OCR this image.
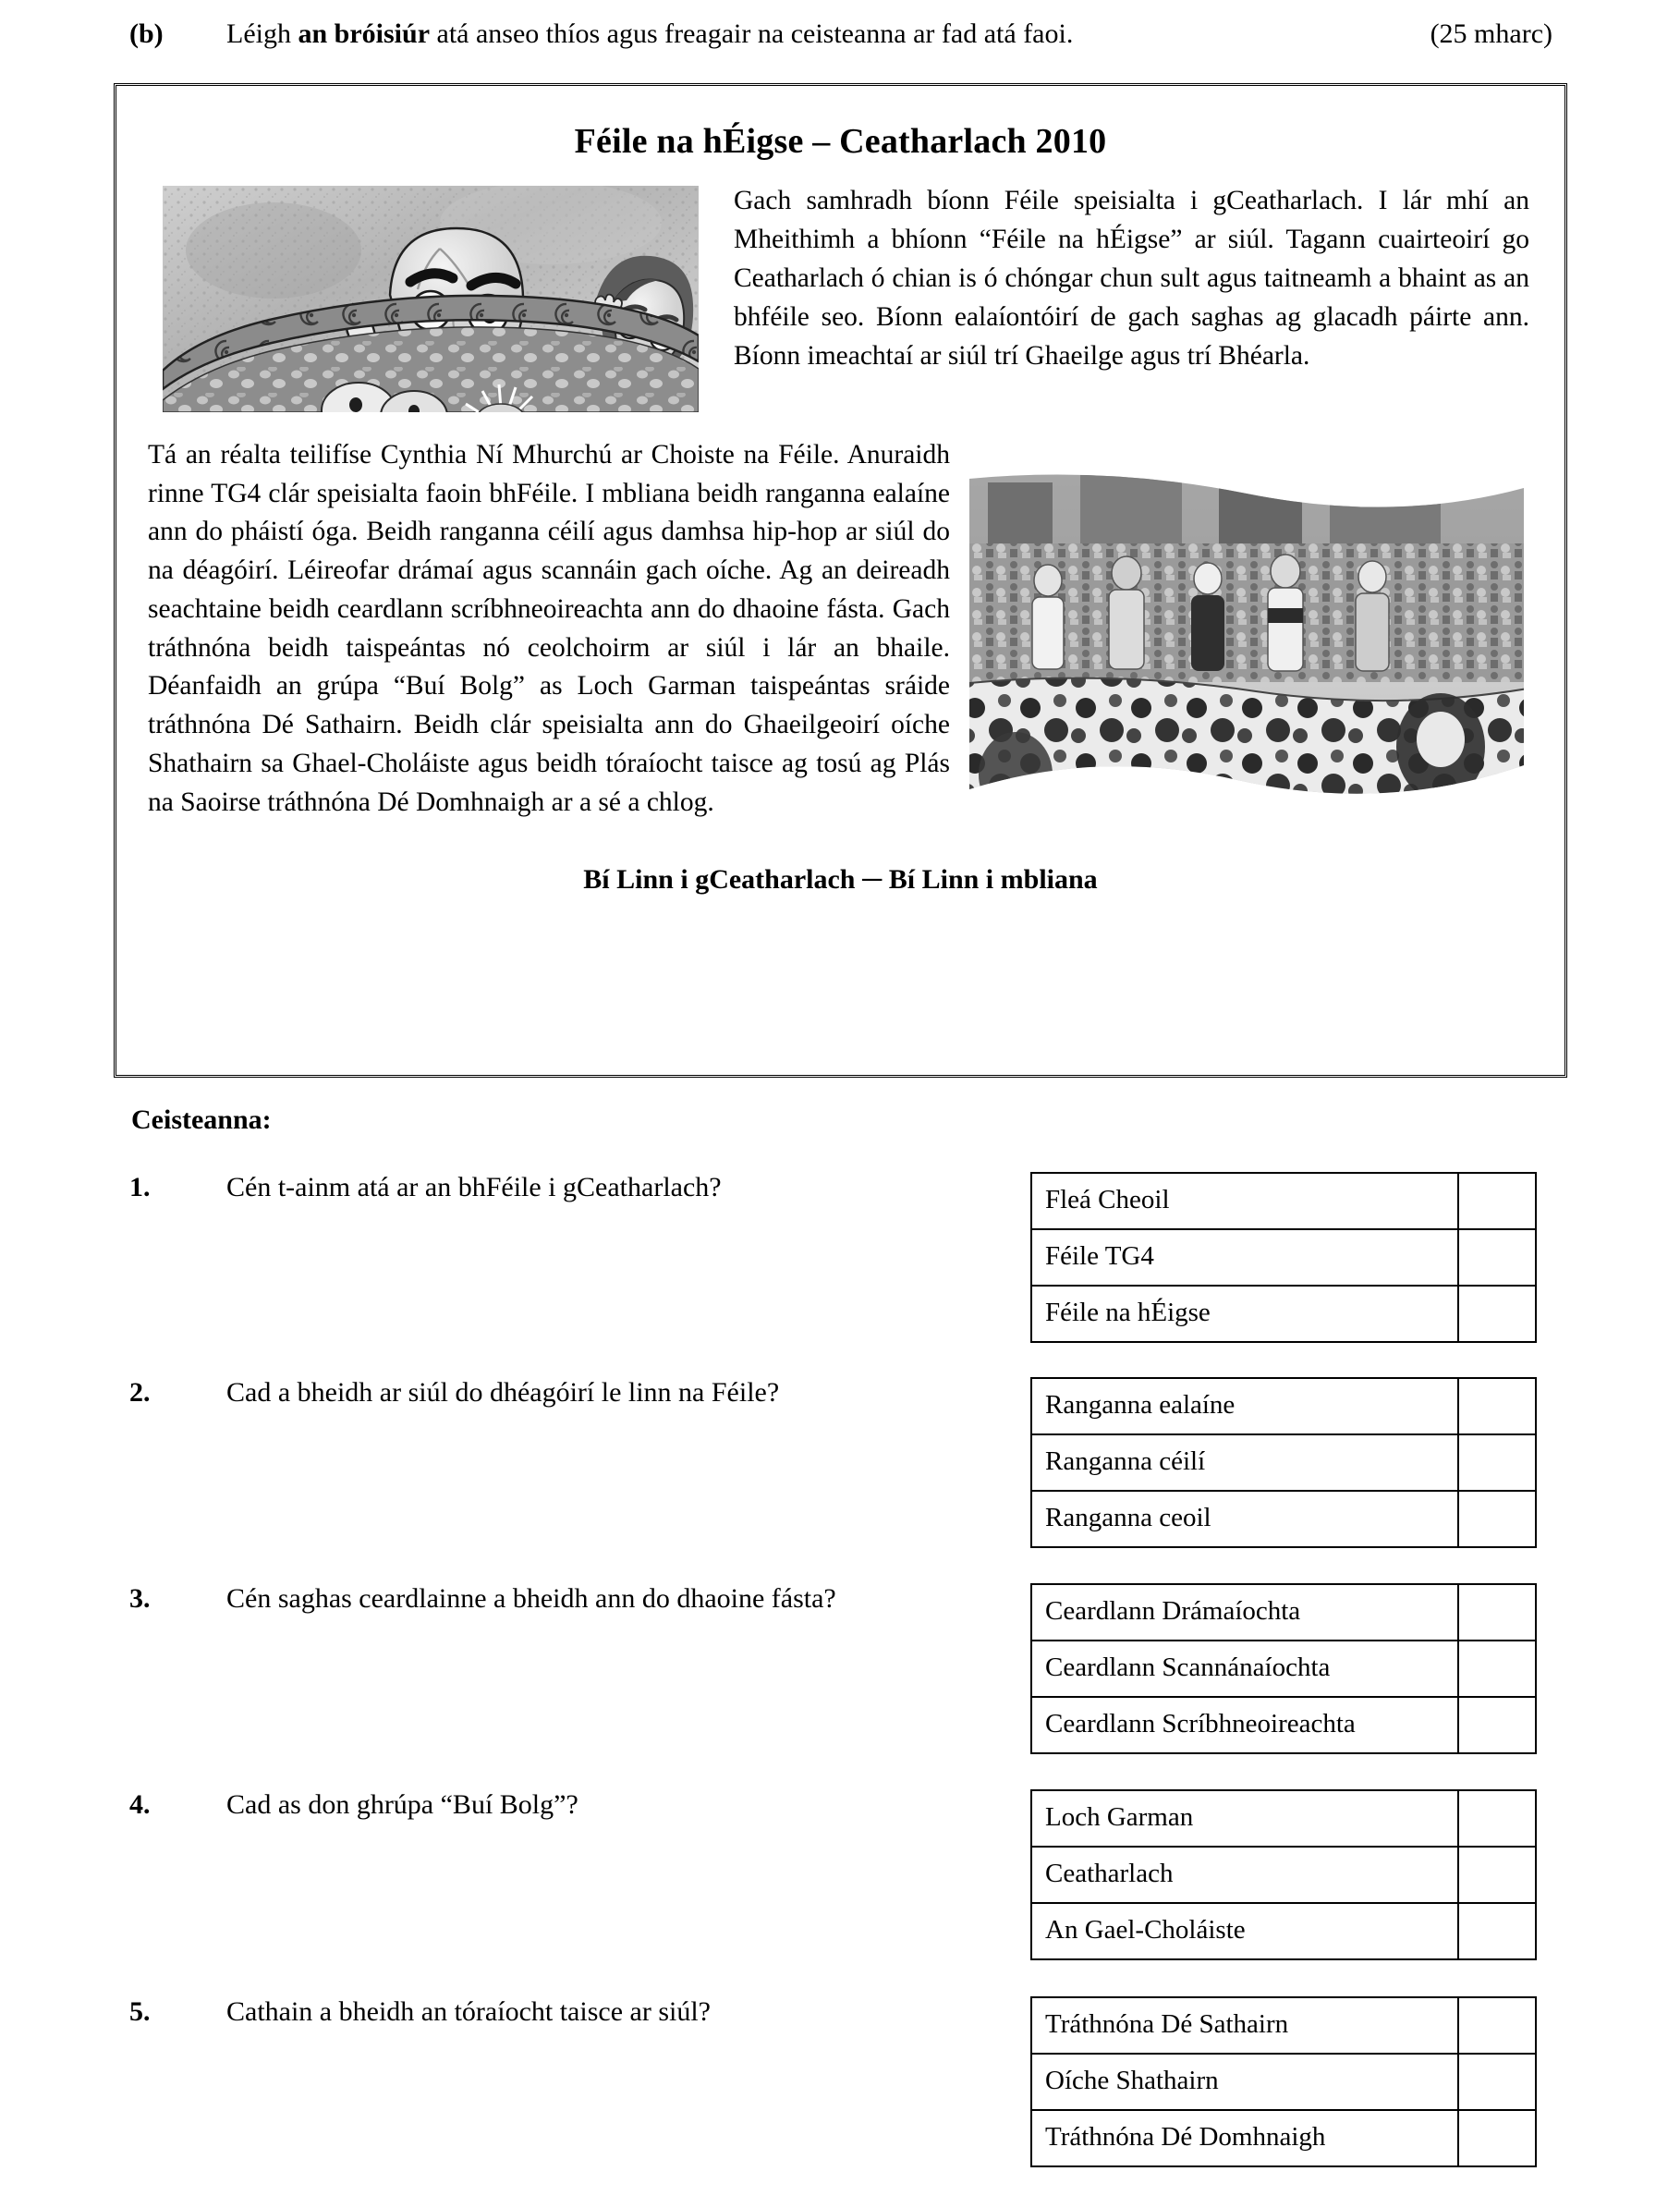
(b)	Léigh an bróisiúr atá anseo thíos agus freagair na ceisteanna ar fad atá faoi.	(25 mharc)
Féile na hÉigse – Ceatharlach 2010
Gach samhradh bíonn Féile speisialta i gCeatharlach. I lár mhí an Mheithimh a bhíonn “Féile na hÉigse” ar siúl. Tagann cuairteoirí go Ceatharlach ó chian is ó chóngar chun sult agus taitneamh a bhaint as an bhféile seo. Bíonn ealaíontóirí de gach saghas ag glacadh páirte ann. Bíonn imeachtaí ar siúl trí Ghaeilge agus trí Bhéarla.
Tá an réalta teilifíse Cynthia Ní Mhurchú ar Choiste na Féile. Anuraidh rinne TG4 clár speisialta faoin bhFéile. I mbliana beidh ranganna ealaíne ann do pháistí óga. Beidh ranganna céilí agus damhsa hip-hop ar siúl do na déagóirí. Léireofar drámaí agus scannáin gach oíche. Ag an deireadh seachtaine beidh ceardlann scríbhneoireachta ann do dhaoine fásta. Gach tráthnóna beidh taispeántas nó ceolchoirm ar siúl i lár an bhaile. Déanfaidh an grúpa “Buí Bolg” as Loch Garman taispeántas sráide tráthnóna Dé Sathairn. Beidh clár speisialta ann do Ghaeilgeoirí oíche Shathairn sa Ghael-Choláiste agus beidh tóraíocht taisce ag tosú ag Plás na Saoirse tráthnóna Dé Domhnaigh ar a sé a chlog.
Bí Linn i gCeatharlach ─ Bí Linn i mbliana
Ceisteanna:
1.	Cén t-ainm atá ar an bhFéile i gCeatharlach?	Fleá Cheoil	
Féile TG4	
Féile na hÉigse	
2.	Cad a bheidh ar siúl do dhéagóirí le linn na Féile?	Ranganna ealaíne	
Ranganna céilí	
Ranganna ceoil	
3.	Cén saghas ceardlainne a bheidh ann do dhaoine fásta?	Ceardlann Drámaíochta	
Ceardlann Scannánaíochta	
Ceardlann Scríbhneoireachta	
4.	Cad as don ghrúpa “Buí Bolg”?	Loch Garman	
Ceatharlach	
An Gael-Choláiste	
5.	Cathain a bheidh an tóraíocht taisce ar siúl?	Tráthnóna Dé Sathairn	
Oíche Shathairn	
Tráthnóna Dé Domhnaigh	
